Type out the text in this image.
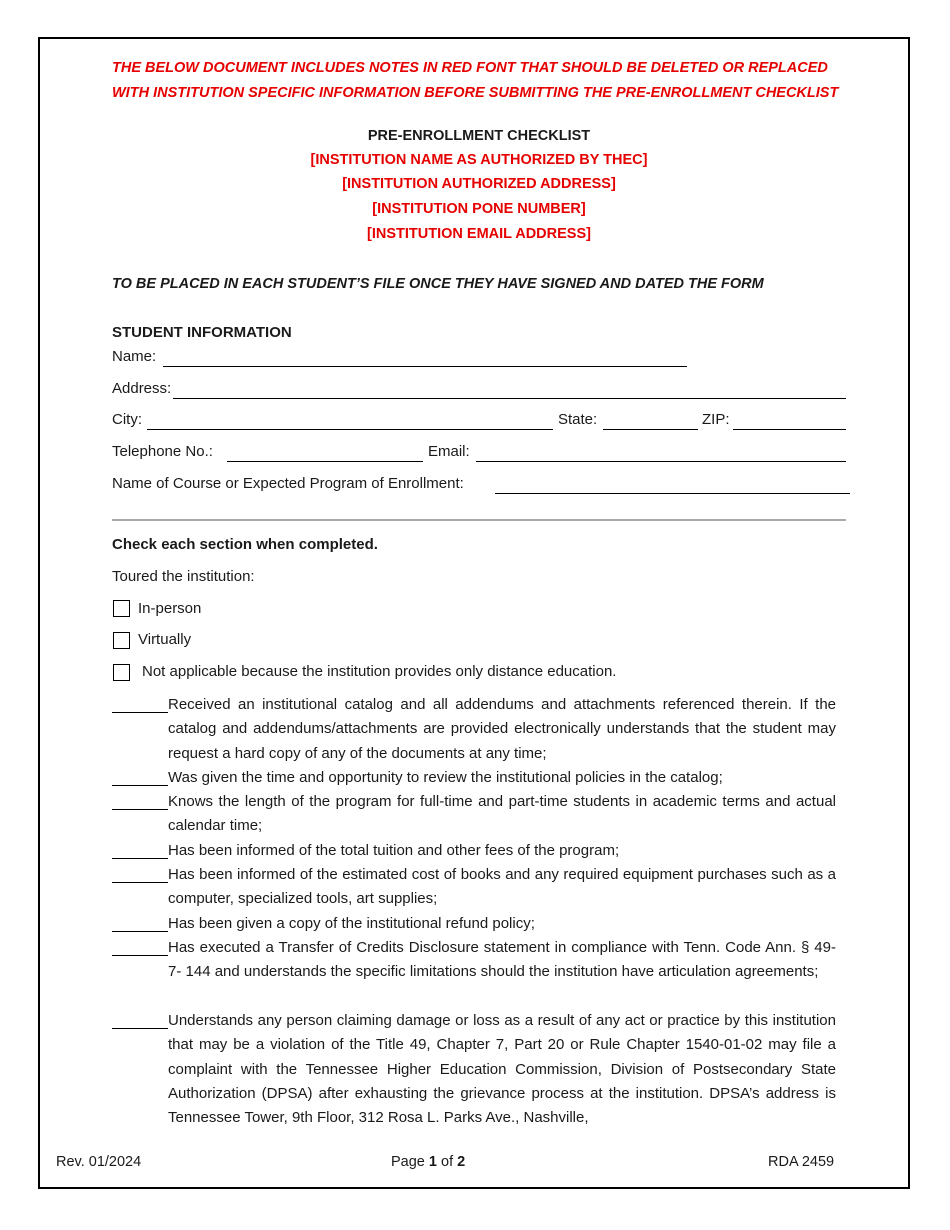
THE BELOW DOCUMENT INCLUDES NOTES IN RED FONT THAT SHOULD BE DELETED OR REPLACED WITH INSTITUTION SPECIFIC INFORMATION BEFORE SUBMITTING THE PRE-ENROLLMENT CHECKLIST
PRE-ENROLLMENT CHECKLIST
[INSTITUTION NAME AS AUTHORIZED BY THEC]
[INSTITUTION AUTHORIZED ADDRESS]
[INSTITUTION PONE NUMBER]
[INSTITUTION EMAIL ADDRESS]
TO BE PLACED IN EACH STUDENT’S FILE ONCE THEY HAVE SIGNED AND DATED THE FORM
STUDENT INFORMATION
Name:
Address:
City:	State:	ZIP:
Telephone No.:	Email:
Name of Course or Expected Program of Enrollment:
Check each section when completed.
Toured the institution:
In-person
Virtually
Not applicable because the institution provides only distance education.
Received an institutional catalog and all addendums and attachments referenced therein. If the catalog and addendums/attachments are provided electronically understands that the student may request a hard copy of any of the documents at any time;
Was given the time and opportunity to review the institutional policies in the catalog;
Knows the length of the program for full-time and part-time students in academic terms and actual calendar time;
Has been informed of the total tuition and other fees of the program;
Has been informed of the estimated cost of books and any required equipment purchases such as a computer, specialized tools, art supplies;
Has been given a copy of the institutional refund policy;
Has executed a Transfer of Credits Disclosure statement in compliance with Tenn. Code Ann. § 49-7- 144 and understands the specific limitations should the institution have articulation agreements;
Understands any person claiming damage or loss as a result of any act or practice by this institution that may be a violation of the Title 49, Chapter 7, Part 20 or Rule Chapter 1540-01-02 may file a complaint with the Tennessee Higher Education Commission, Division of Postsecondary State Authorization (DPSA) after exhausting the grievance process at the institution. DPSA’s address is Tennessee Tower, 9th Floor, 312 Rosa L. Parks Ave., Nashville,
Rev. 01/2024	Page 1 of 2	RDA 2459
